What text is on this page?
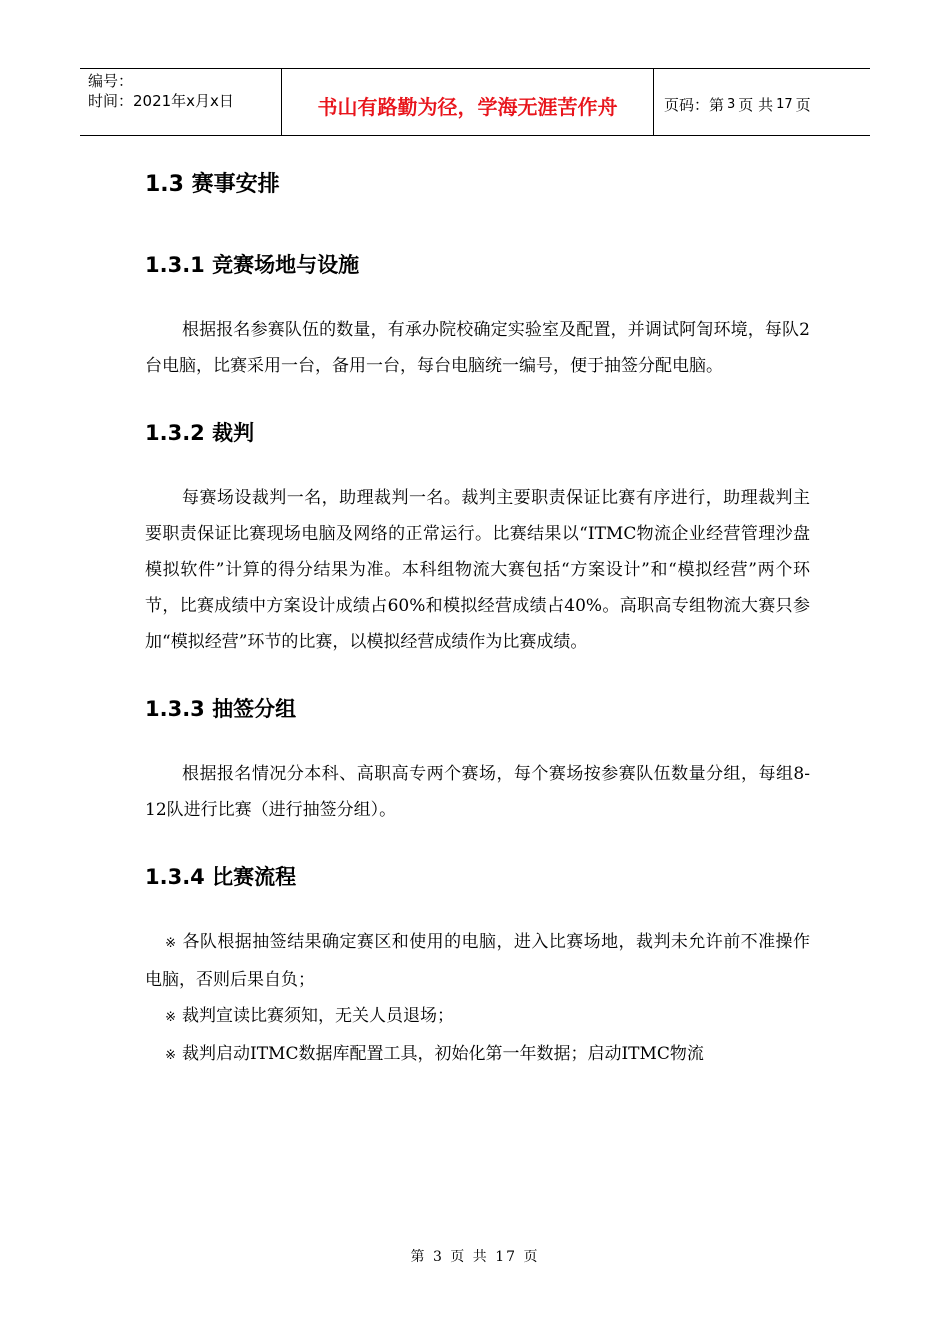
编号：
时间：2021年x月x日	书山有路勤为径，学海无涯苦作舟	页码：第 3 页 共 17 页
1.3 赛事安排
1.3.1 竞赛场地与设施

根据报名参赛队伍的数量，有承办院校确定实验室及配置，并调试阿訇环境，每队2台电脑，比赛采用一台，备用一台，每台电脑统一编号，便于抽签分配电脑。

1.3.2 裁判

每赛场设裁判一名，助理裁判一名。裁判主要职责保证比赛有序进行，助理裁判主要职责保证比赛现场电脑及网络的正常运行。比赛结果以“ITMC物流企业经营管理沙盘模拟软件”计算的得分结果为准。本科组物流大赛包括“方案设计”和“模拟经营”两个环节，比赛成绩中方案设计成绩占60%和模拟经营成绩占40%。高职高专组物流大赛只参加“模拟经营”环节的比赛，以模拟经营成绩作为比赛成绩。

1.3.3 抽签分组

根据报名情况分本科、高职高专两个赛场，每个赛场按参赛队伍数量分组，每组8-12队进行比赛（进行抽签分组）。

1.3.4 比赛流程
※ 各队根据抽签结果确定赛区和使用的电脑，进入比赛场地，裁判未允许前不准操作电脑，否则后果自负；
※ 裁判宣读比赛须知，无关人员退场；
※ 裁判启动ITMC数据库配置工具，初始化第一年数据；启动ITMC物流
第 3 页 共 17 页
